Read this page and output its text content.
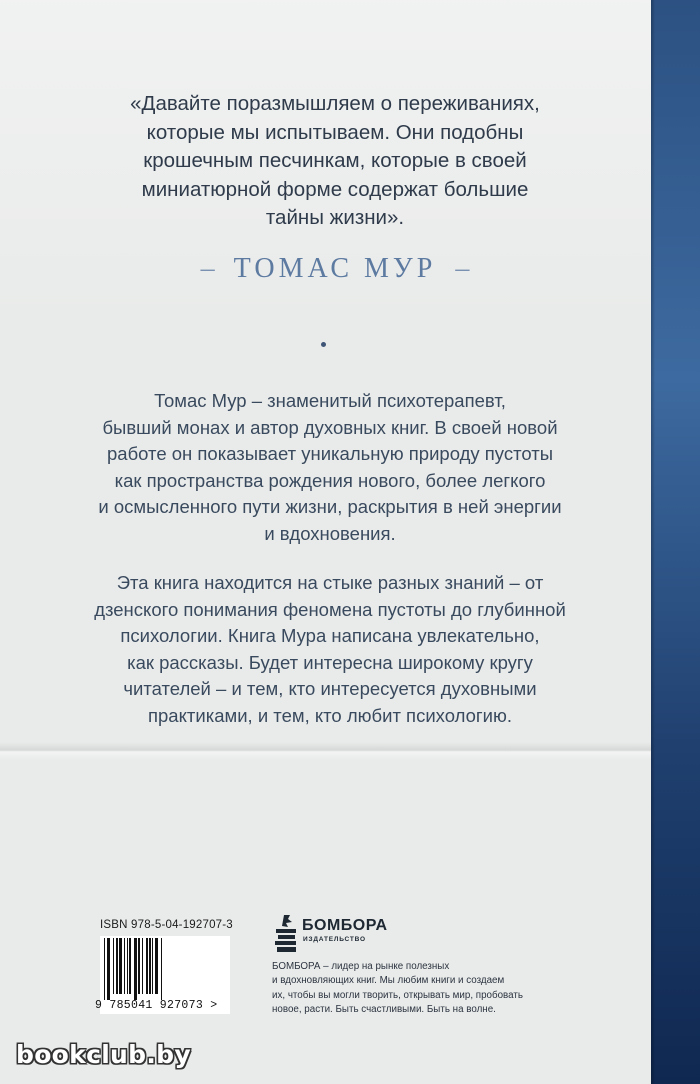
«Давайте поразмышляем о переживаниях,
которые мы испытываем. Они подобны
крошечным песчинкам, которые в своей
миниатюрной форме содержат большие
тайны жизни».
– ТОМАС МУР –
Томас Мур – знаменитый психотерапевт,
бывший монах и автор духовных книг. В своей новой
работе он показывает уникальную природу пустоты
как пространства рождения нового, более легкого
и осмысленного пути жизни, раскрытия в ней энергии
и вдохновения.
Эта книга находится на стыке разных знаний – от
дзенского понимания феномена пустоты до глубинной
психологии. Книга Мура написана увлекательно,
как рассказы. Будет интересна широкому кругу
читателей – и тем, кто интересуется духовными
практиками, и тем, кто любит психологию.
ISBN 978-5-04-192707-3
9 785041 927073 >
БОМБОРА
ИЗДАТЕЛЬСТВО
БОМБОРА – лидер на рынке полезных
и вдохновляющих книг. Мы любим книги и создаем
их, чтобы вы могли творить, открывать мир, пробовать
новое, расти. Быть счастливыми. Быть на волне.
bookclub.by
